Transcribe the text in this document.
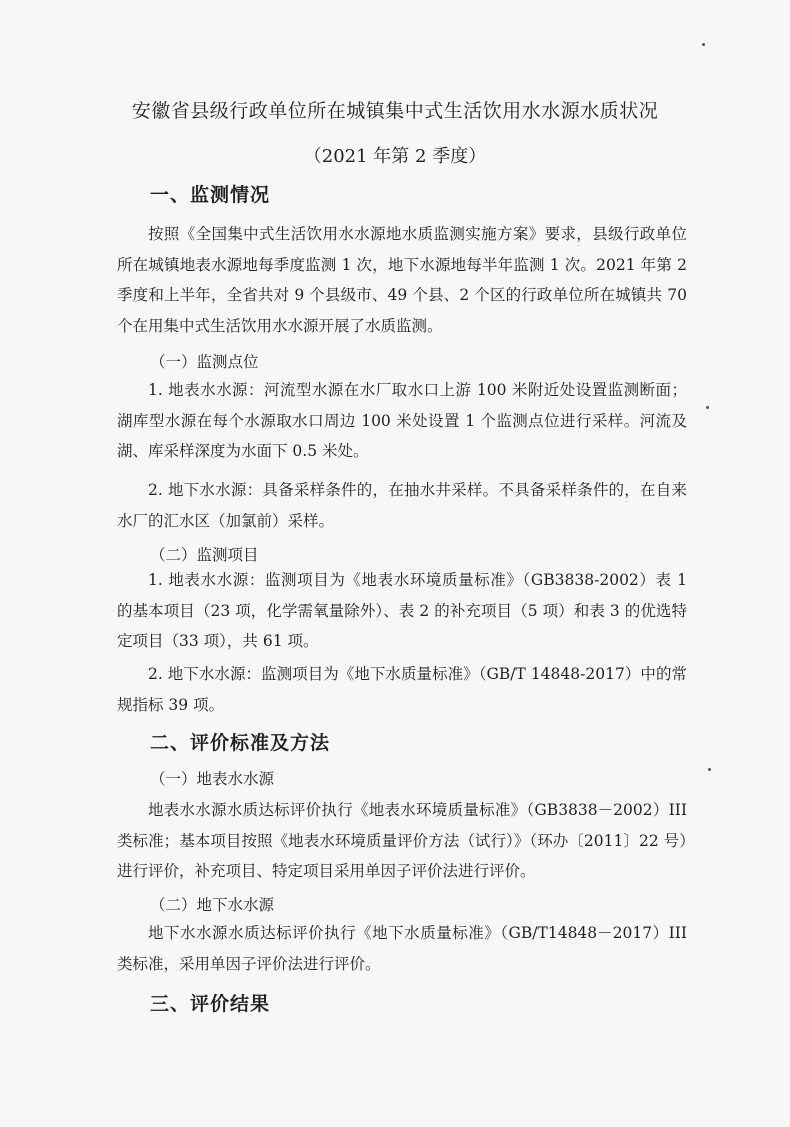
安徽省县级行政单位所在城镇集中式生活饮用水水源水质状况
（2021 年第 2 季度）
一、监测情况

按照《全国集中式生活饮用水水源地水质监测实施方案》要求，县级行政单位所在城镇地表水源地每季度监测 1 次，地下水源地每半年监测 1 次。2021 年第 2 季度和上半年，全省共对 9 个县级市、49 个县、2 个区的行政单位所在城镇共 70 个在用集中式生活饮用水水源开展了水质监测。

（一）监测点位

1. 地表水水源：河流型水源在水厂取水口上游 100 米附近处设置监测断面；湖库型水源在每个水源取水口周边 100 米处设置 1 个监测点位进行采样。河流及湖、库采样深度为水面下 0.5 米处。

2. 地下水水源：具备采样条件的，在抽水井采样。不具备采样条件的，在自来水厂的汇水区（加氯前）采样。

（二）监测项目

1. 地表水水源：监测项目为《地表水环境质量标准》（GB3838-2002）表 1 的基本项目（23 项，化学需氧量除外）、表 2 的补充项目（5 项）和表 3 的优选特定项目（33 项），共 61 项。

2. 地下水水源：监测项目为《地下水质量标准》（GB/T 14848-2017）中的常规指标 39 项。

二、评价标准及方法
（一）地表水水源

地表水水源水质达标评价执行《地表水环境质量标准》（GB3838－2002）III 类标准；基本项目按照《地表水环境质量评价方法（试行）》（环办〔2011〕22 号）进行评价，补充项目、特定项目采用单因子评价法进行评价。

（二）地下水水源

地下水水源水质达标评价执行《地下水质量标准》（GB/T14848－2017）III类标准，采用单因子评价法进行评价。

三、评价结果
